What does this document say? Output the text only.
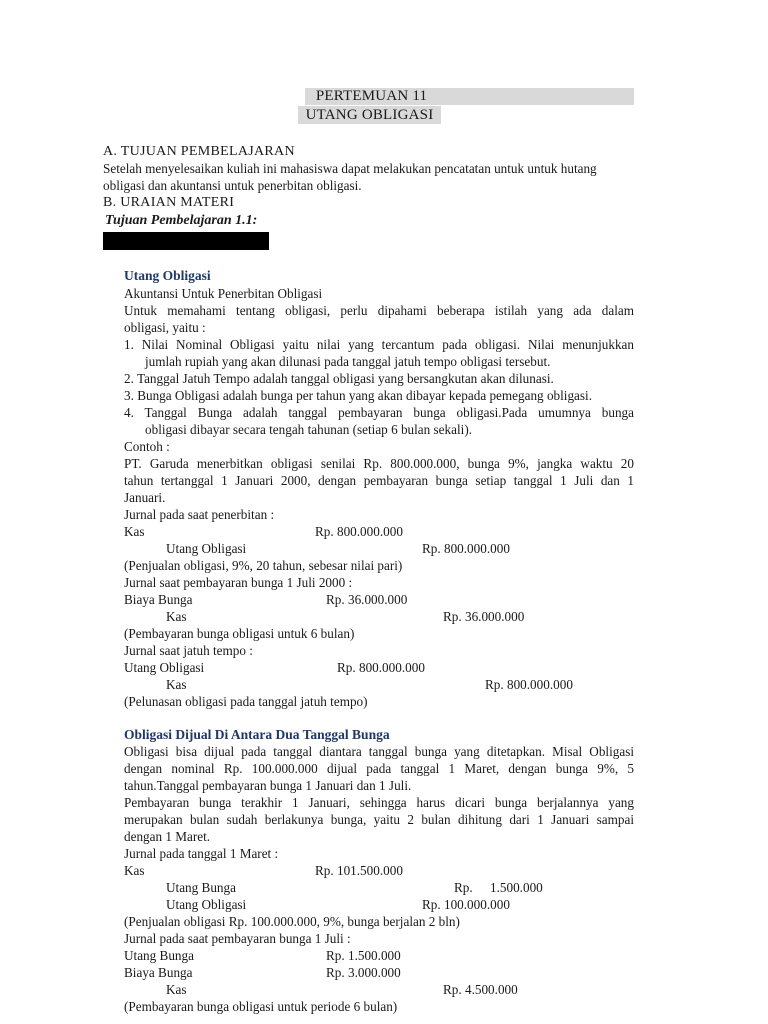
PERTEMUAN 11
UTANG OBLIGASI
A. TUJUAN PEMBELAJARAN
Setelah menyelesaikan kuliah ini mahasiswa dapat melakukan pencatatan untuk untuk hutang
obligasi dan akuntansi untuk penerbitan obligasi.
B. URAIAN MATERI
Tujuan Pembelajaran 1.1:
Utang Obligasi
Akuntansi Untuk Penerbitan Obligasi
Untuk memahami tentang obligasi, perlu dipahami beberapa istilah yang ada dalam
obligasi, yaitu :
1. Nilai Nominal Obligasi yaitu nilai yang tercantum pada obligasi. Nilai menunjukkan
jumlah rupiah yang akan dilunasi pada tanggal jatuh tempo obligasi tersebut.
2. Tanggal Jatuh Tempo adalah tanggal obligasi yang bersangkutan akan dilunasi.
3. Bunga Obligasi adalah bunga per tahun yang akan dibayar kepada pemegang obligasi.
4. Tanggal Bunga adalah tanggal pembayaran bunga obligasi.Pada umumnya bunga
obligasi dibayar secara tengah tahunan (setiap 6 bulan sekali).
Contoh :
PT. Garuda menerbitkan obligasi senilai Rp. 800.000.000, bunga 9%, jangka waktu 20
tahun tertanggal 1 Januari 2000, dengan pembayaran bunga setiap tanggal 1 Juli dan 1
Januari.
Jurnal pada saat penerbitan :
Kas	Rp. 800.000.000
Utang Obligasi	Rp. 800.000.000
(Penjualan obligasi, 9%, 20 tahun, sebesar nilai pari)
Jurnal saat pembayaran bunga 1 Juli 2000 :
Biaya Bunga	Rp. 36.000.000
Kas	Rp. 36.000.000
(Pembayaran bunga obligasi untuk 6 bulan)
Jurnal saat jatuh tempo :
Utang Obligasi	Rp. 800.000.000
Kas	Rp. 800.000.000
(Pelunasan obligasi pada tanggal jatuh tempo)
Obligasi Dijual Di Antara Dua Tanggal Bunga
Obligasi bisa dijual pada tanggal diantara tanggal bunga yang ditetapkan. Misal Obligasi
dengan nominal Rp. 100.000.000 dijual pada tanggal 1 Maret, dengan bunga 9%, 5
tahun.Tanggal pembayaran bunga 1 Januari dan 1 Juli.
Pembayaran bunga terakhir 1 Januari, sehingga harus dicari bunga berjalannya yang
merupakan bulan sudah berlakunya bunga, yaitu 2 bulan dihitung dari 1 Januari sampai
dengan 1 Maret.
Jurnal pada tanggal 1 Maret :
Kas	Rp. 101.500.000
Utang Bunga	Rp. 1.500.000
Utang Obligasi	Rp. 100.000.000
(Penjualan obligasi Rp. 100.000.000, 9%, bunga berjalan 2 bln)
Jurnal pada saat pembayaran bunga 1 Juli :
Utang Bunga	Rp. 1.500.000
Biaya Bunga	Rp. 3.000.000
Kas	Rp. 4.500.000
(Pembayaran bunga obligasi untuk periode 6 bulan)
